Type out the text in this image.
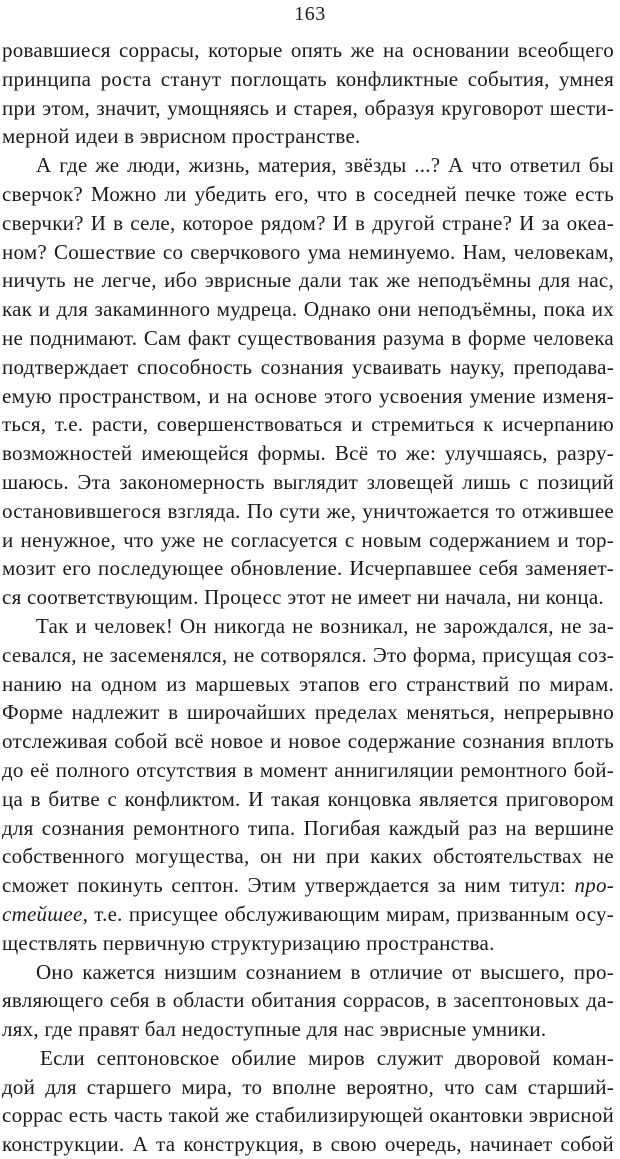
163
ровавшиеся соррасы, которые опять же на основании всеобщего
принципа роста станут поглощать конфликтные события, умнея
при этом, значит, умощняясь и старея, образуя круговорот шести-
мерной идеи в эврисном пространстве.
А где же люди, жизнь, материя, звёзды ...? А что ответил бы
сверчок? Можно ли убедить его, что в соседней печке тоже есть
сверчки? И в селе, которое рядом? И в другой стране? И за океа-
ном? Сошествие со сверчкового ума неминуемо. Нам, человекам,
ничуть не легче, ибо эврисные дали так же неподъёмны для нас,
как и для закаминного мудреца. Однако они неподъёмны, пока их
не поднимают. Сам факт существования разума в форме человека
подтверждает способность сознания усваивать науку, преподава-
емую пространством, и на основе этого усвоения умение изменя-
ться, т.е. расти, совершенствоваться и стремиться к исчерпанию
возможностей имеющейся формы. Всё то же: улучшаясь, разру-
шаюсь. Эта закономерность выглядит зловещей лишь с позиций
остановившегося взгляда. По сути же, уничтожается то отжившее
и ненужное, что уже не согласуется с новым содержанием и тор-
мозит его последующее обновление. Исчерпавшее себя заменяет-
ся соответствующим. Процесс этот не имеет ни начала, ни конца.
Так и человек! Он никогда не возникал, не зарождался, не за-
севался, не засеменялся, не сотворялся. Это форма, присущая соз-
нанию на одном из маршевых этапов его странствий по мирам.
Форме надлежит в широчайших пределах меняться, непрерывно
отслеживая собой всё новое и новое содержание сознания вплоть
до её полного отсутствия в момент аннигиляции ремонтного бой-
ца в битве с конфликтом. И такая концовка является приговором
для сознания ремонтного типа. Погибая каждый раз на вершине
собственного могущества, он ни при каких обстоятельствах не
сможет покинуть септон. Этим утверждается за ним титул: про-
стейшее, т.е. присущее обслуживающим мирам, призванным осу-
ществлять первичную структуризацию пространства.
Оно кажется низшим сознанием в отличие от высшего, про-
являющего себя в области обитания соррасов, в засептоновых да-
лях, где правят бал недоступные для нас эврисные умники.
Если септоновское обилие миров служит дворовой коман-
дой для старшего мира, то вполне вероятно, что сам старший-
соррас есть часть такой же стабилизирующей окантовки эврисной
конструкции. А та конструкция, в свою очередь, начинает собой
